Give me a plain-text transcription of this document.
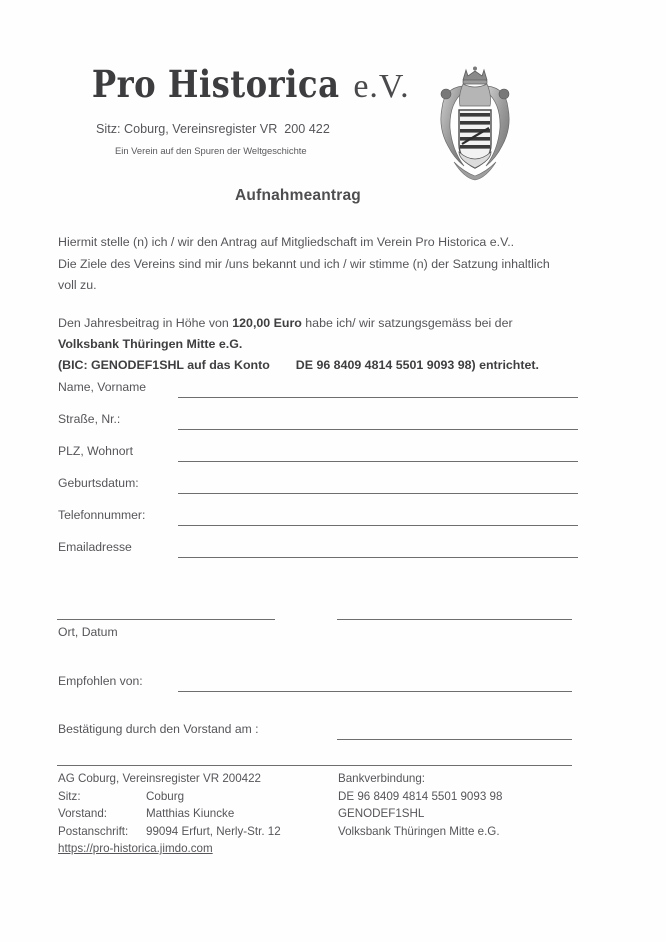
Pro Historica e.V.
Sitz: Coburg, Vereinsregister VR 200 422
Ein Verein auf den Spuren der Weltgeschichte
Aufnahmeantrag
Hiermit stelle (n) ich / wir den Antrag auf Mitgliedschaft im Verein Pro Historica e.V..
Die Ziele des Vereins sind mir /uns bekannt und ich / wir stimme (n) der Satzung inhaltlich
voll zu.
Den Jahresbeitrag in Höhe von 120,00 Euro habe ich/ wir satzungsgemäss bei der
Volksbank Thüringen Mitte e.G.
(BIC: GENODEF1SHL auf das Konto DE 96 8409 4814 5501 9093 98) entrichtet.
Name, Vorname
Straße, Nr.:
PLZ, Wohnort
Geburtsdatum:
Telefonnummer:
Emailadresse
Ort, Datum
Empfohlen von:
Bestätigung durch den Vorstand am :
AG Coburg, Vereinsregister VR 200422
Sitz:	Coburg
Vorstand:	Matthias Kiuncke
Postanschrift: 99094 Erfurt, Nerly-Str. 12
https://pro-historica.jimdo.com
Bankverbindung:
DE 96 8409 4814 5501 9093 98
GENODEF1SHL
Volksbank Thüringen Mitte e.G.
